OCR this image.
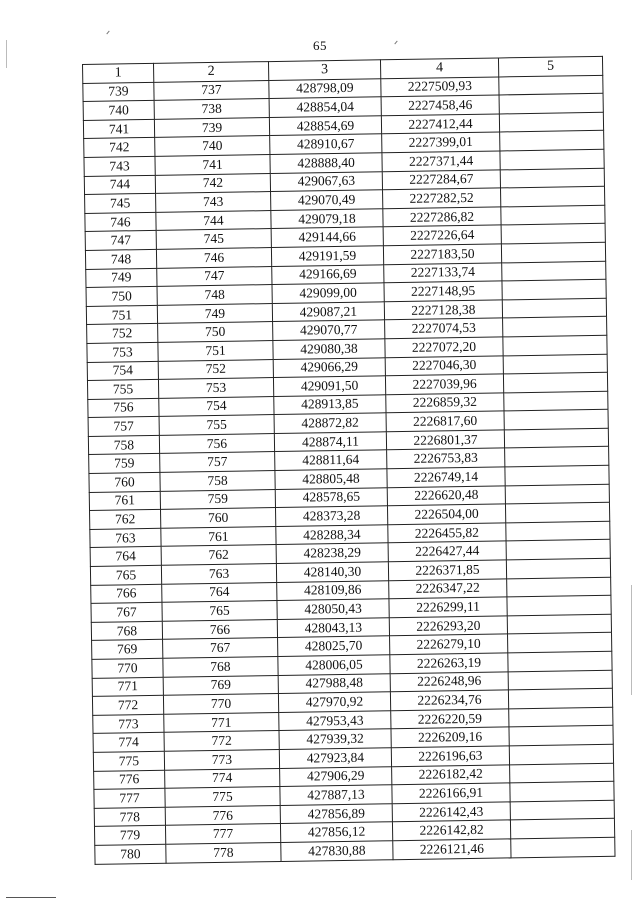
65
1	2	3	4	5
739	737	428798,09	2227509,93	
740	738	428854,04	2227458,46	
741	739	428854,69	2227412,44	
742	740	428910,67	2227399,01	
743	741	428888,40	2227371,44	
744	742	429067,63	2227284,67	
745	743	429070,49	2227282,52	
746	744	429079,18	2227286,82	
747	745	429144,66	2227226,64	
748	746	429191,59	2227183,50	
749	747	429166,69	2227133,74	
750	748	429099,00	2227148,95	
751	749	429087,21	2227128,38	
752	750	429070,77	2227074,53	
753	751	429080,38	2227072,20	
754	752	429066,29	2227046,30	
755	753	429091,50	2227039,96	
756	754	428913,85	2226859,32	
757	755	428872,82	2226817,60	
758	756	428874,11	2226801,37	
759	757	428811,64	2226753,83	
760	758	428805,48	2226749,14	
761	759	428578,65	2226620,48	
762	760	428373,28	2226504,00	
763	761	428288,34	2226455,82	
764	762	428238,29	2226427,44	
765	763	428140,30	2226371,85	
766	764	428109,86	2226347,22	
767	765	428050,43	2226299,11	
768	766	428043,13	2226293,20	
769	767	428025,70	2226279,10	
770	768	428006,05	2226263,19	
771	769	427988,48	2226248,96	
772	770	427970,92	2226234,76	
773	771	427953,43	2226220,59	
774	772	427939,32	2226209,16	
775	773	427923,84	2226196,63	
776	774	427906,29	2226182,42	
777	775	427887,13	2226166,91	
778	776	427856,89	2226142,43	
779	777	427856,12	2226142,82	
780	778	427830,88	2226121,46	
